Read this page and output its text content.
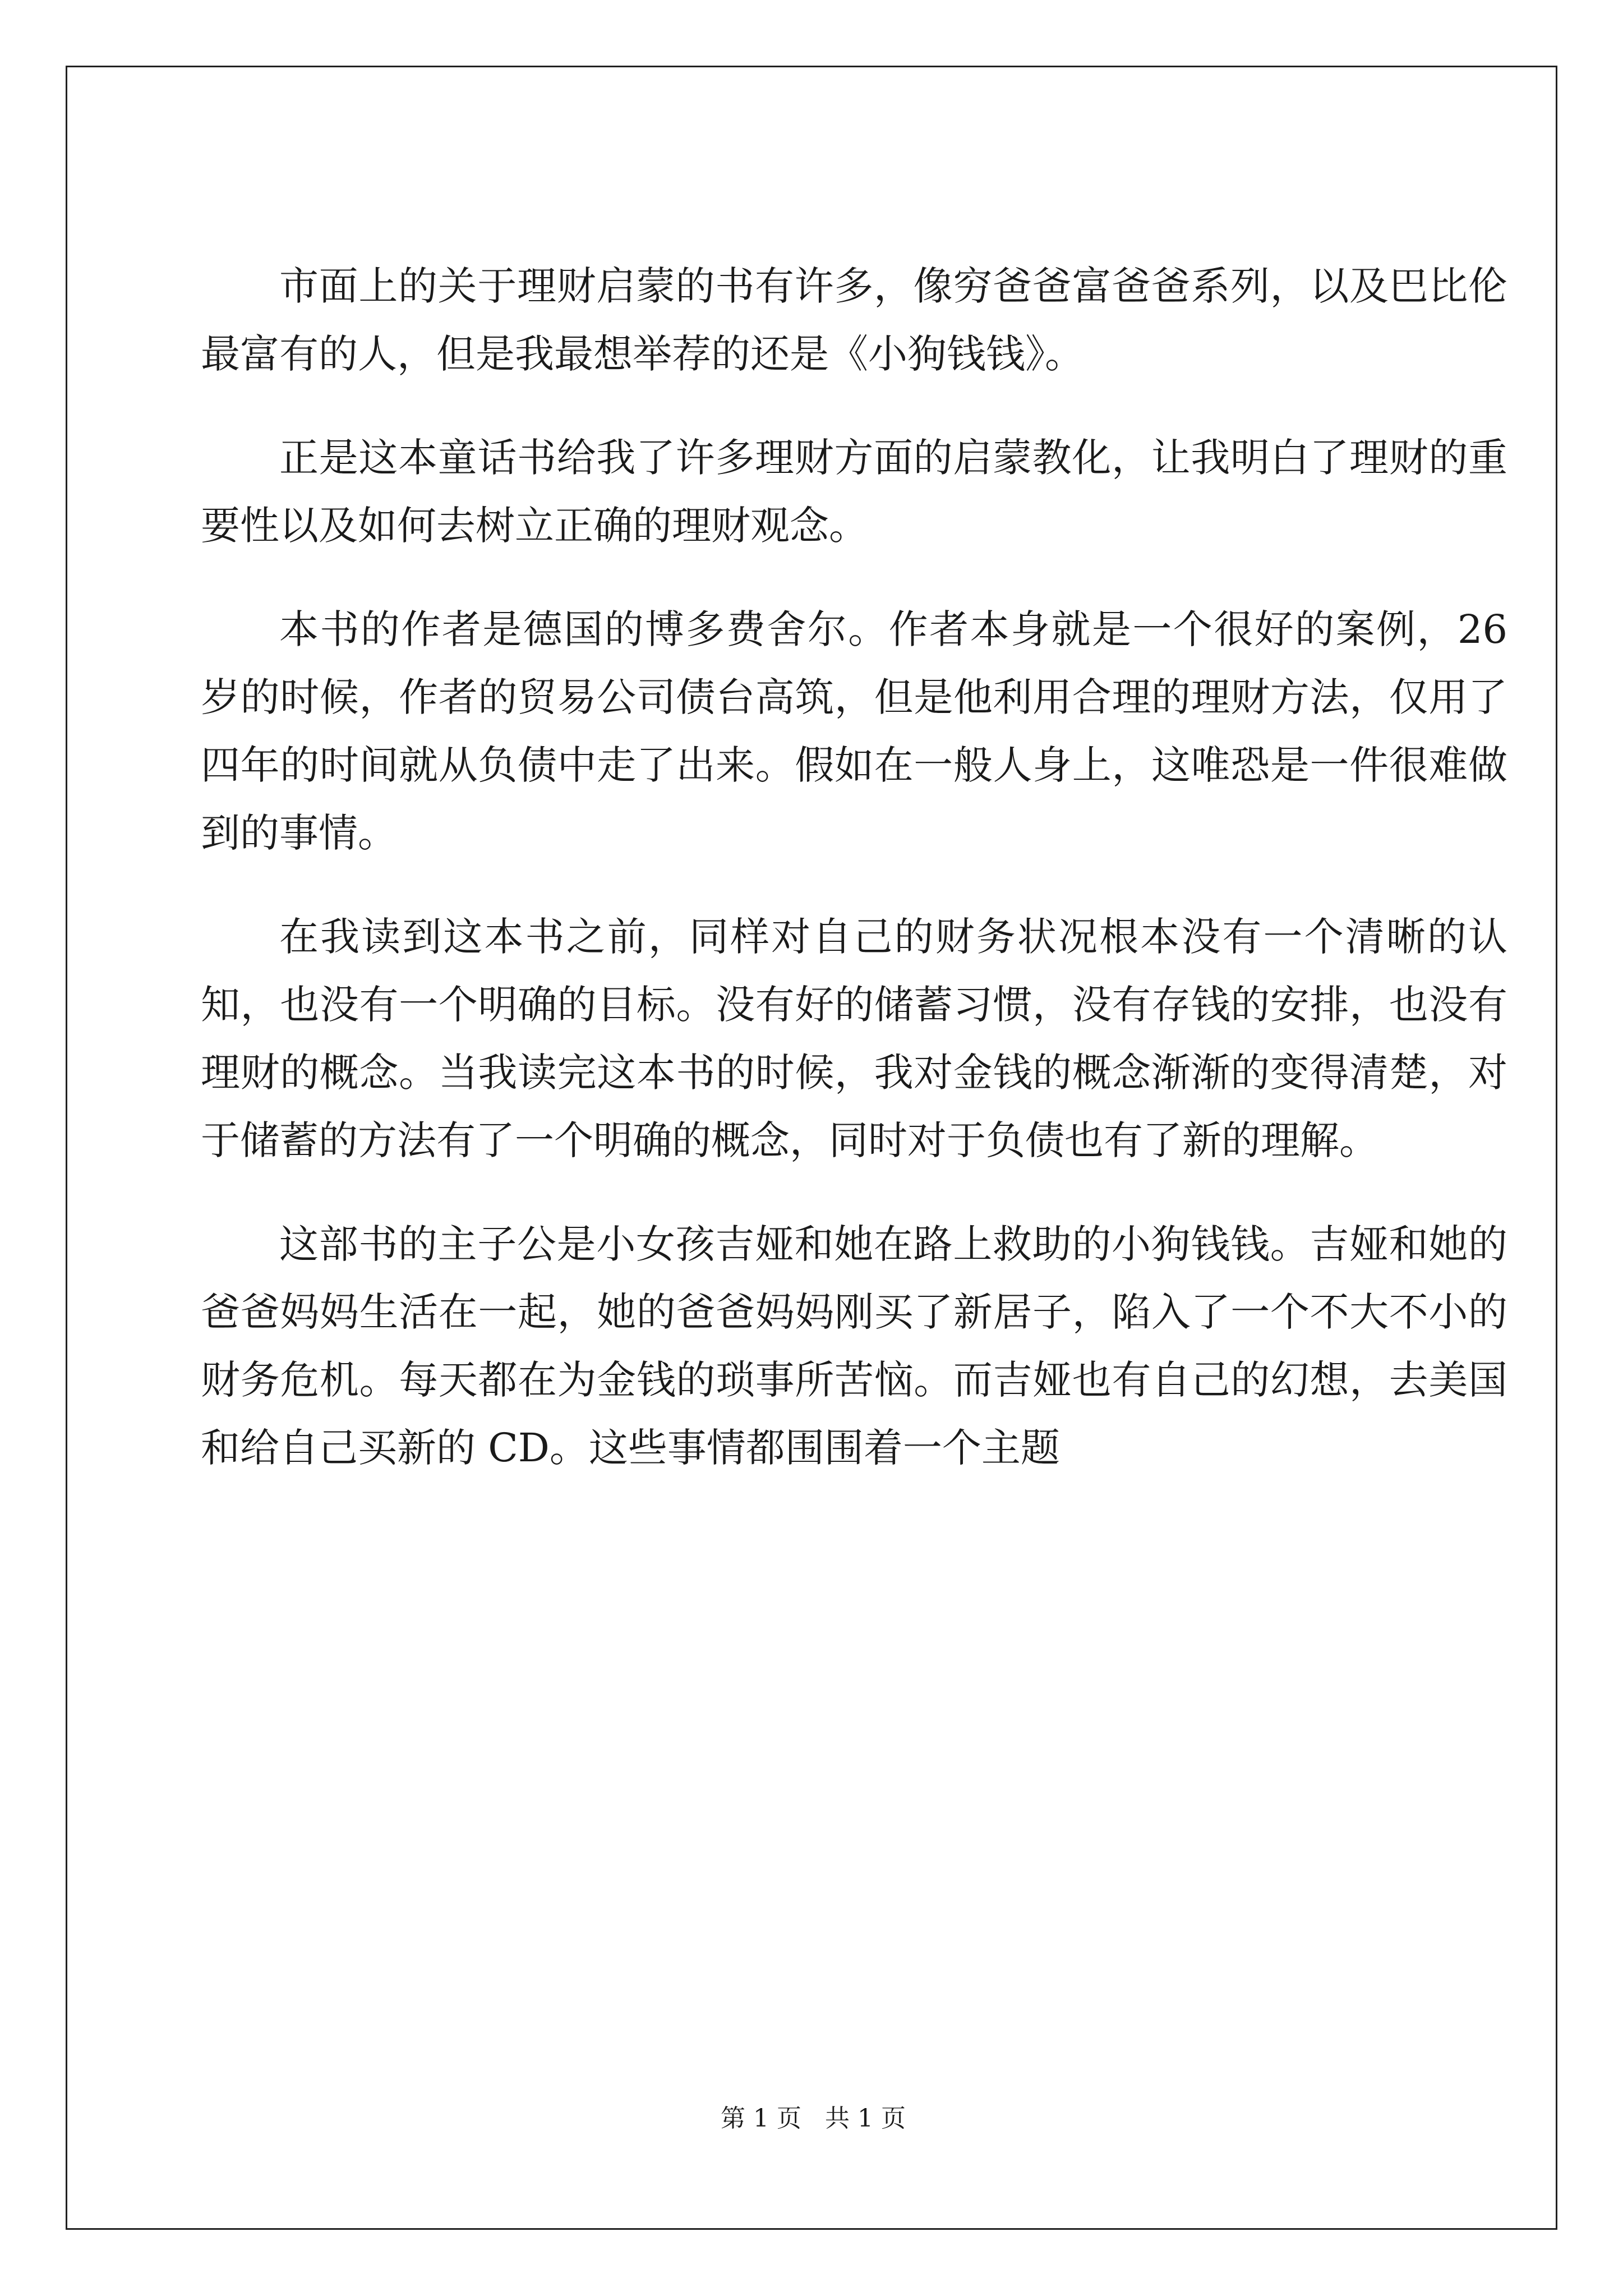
市面上的关于理财启蒙的书有许多，像穷爸爸富爸爸系列，以及巴比伦最富有的人，但是我最想举荐的还是《小狗钱钱》。

正是这本童话书给我了许多理财方面的启蒙教化，让我明白了理财的重要性以及如何去树立正确的理财观念。

本书的作者是德国的博多费舍尔。作者本身就是一个很好的案例，26 岁的时候，作者的贸易公司债台高筑，但是他利用合理的理财方法，仅用了四年的时间就从负债中走了出来。假如在一般人身上，这唯恐是一件很难做到的事情。

在我读到这本书之前，同样对自己的财务状况根本没有一个清晰的认知，也没有一个明确的目标。没有好的储蓄习惯，没有存钱的安排，也没有理财的概念。当我读完这本书的时候，我对金钱的概念渐渐的变得清楚，对于储蓄的方法有了一个明确的概念，同时对于负债也有了新的理解。

这部书的主子公是小女孩吉娅和她在路上救助的小狗钱钱。吉娅和她的爸爸妈妈生活在一起，她的爸爸妈妈刚买了新居子，陷入了一个不大不小的财务危机。每天都在为金钱的琐事所苦恼。而吉娅也有自己的幻想，去美国和给自己买新的 CD。这些事情都围围着一个主题

第 1 页   共 1 页
